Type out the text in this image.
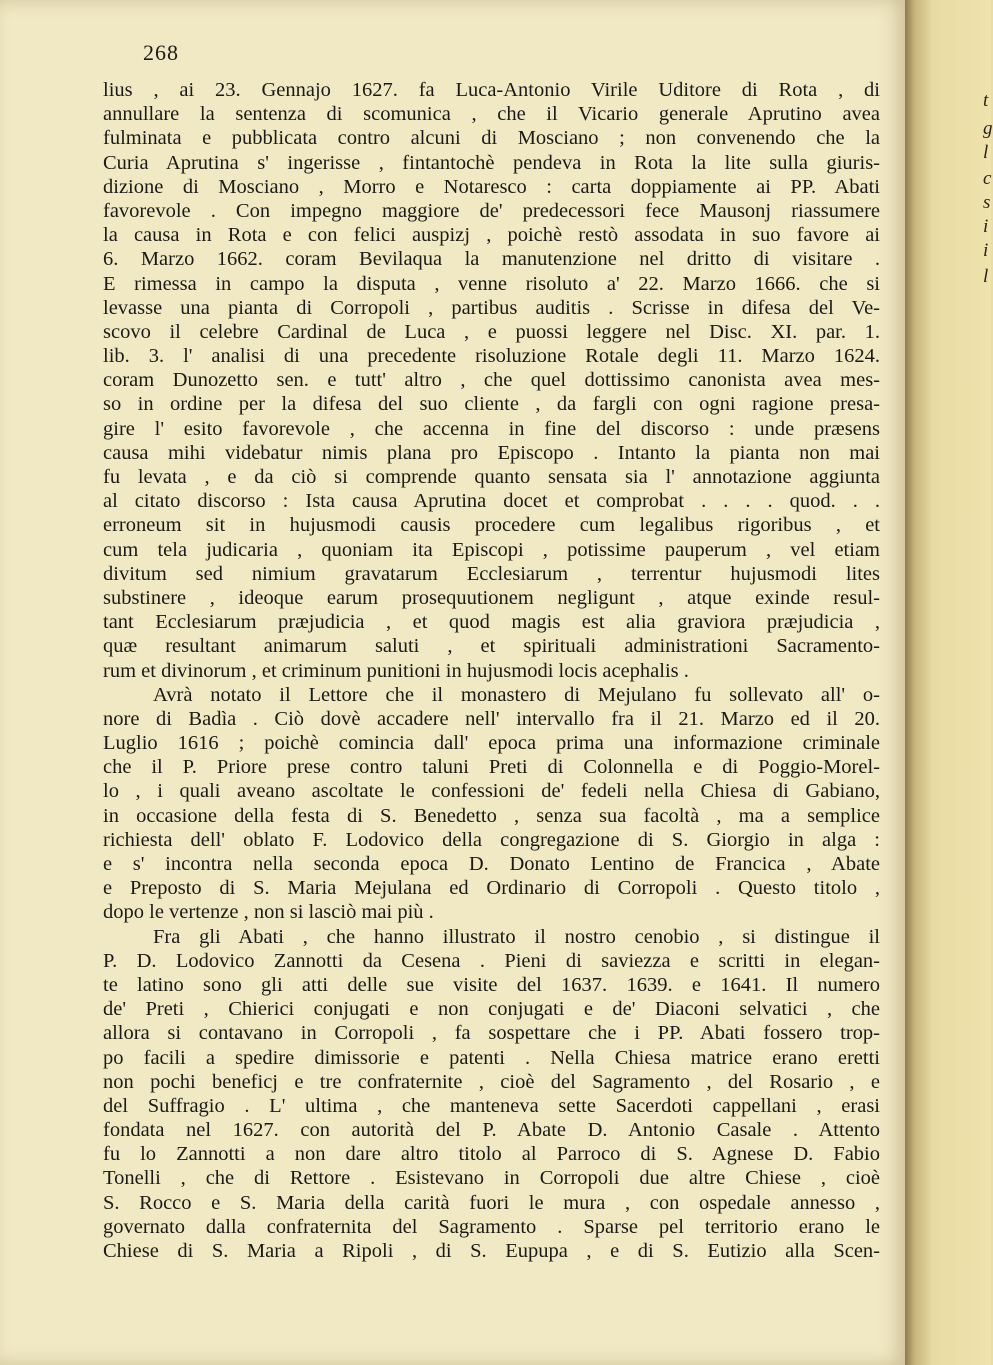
268
lius , ai 23. Gennajo 1627. fa Luca-Antonio Virile Uditore di Rota , di
annullare la sentenza di scomunica , che il Vicario generale Aprutino avea
fulminata e pubblicata contro alcuni di Mosciano ; non convenendo che la
Curia Aprutina s' ingerisse , fintantochè pendeva in Rota la lite sulla giuris-
dizione di Mosciano , Morro e Notaresco : carta doppiamente ai PP. Abati
favorevole . Con impegno maggiore de' predecessori fece Mausonj riassumere
la causa in Rota e con felici auspizj , poichè restò assodata in suo favore ai
6. Marzo 1662. coram Bevilaqua la manutenzione nel dritto di visitare .
E rimessa in campo la disputa , venne risoluto a' 22. Marzo 1666. che si
levasse una pianta di Corropoli , partibus auditis . Scrisse in difesa del Ve-
scovo il celebre Cardinal de Luca , e puossi leggere nel Disc. XI. par. 1.
lib. 3. l' analisi di una precedente risoluzione Rotale degli 11. Marzo 1624.
coram Dunozetto sen. e tutt' altro , che quel dottissimo canonista avea mes-
so in ordine per la difesa del suo cliente , da fargli con ogni ragione presa-
gire l' esito favorevole , che accenna in fine del discorso : unde præsens
causa mihi videbatur nimis plana pro Episcopo . Intanto la pianta non mai
fu levata , e da ciò si comprende quanto sensata sia l' annotazione aggiunta
al citato discorso : Ista causa Aprutina docet et comprobat . . . . quod. . .
erroneum sit in hujusmodi causis procedere cum legalibus rigoribus , et
cum tela judicaria , quoniam ita Episcopi , potissime pauperum , vel etiam
divitum sed nimium gravatarum Ecclesiarum , terrentur hujusmodi lites
substinere , ideoque earum prosequutionem negligunt , atque exinde resul-
tant Ecclesiarum præjudicia , et quod magis est alia graviora præjudicia ,
quæ resultant animarum saluti , et spirituali administrationi Sacramento-
rum et divinorum , et criminum punitioni in hujusmodi locis acephalis .
Avrà notato il Lettore che il monastero di Mejulano fu sollevato all' o-
nore di Badìa . Ciò dovè accadere nell' intervallo fra il 21. Marzo ed il 20.
Luglio 1616 ; poichè comincia dall' epoca prima una informazione criminale
che il P. Priore prese contro taluni Preti di Colonnella e di Poggio-Morel-
lo , i quali aveano ascoltate le confessioni de' fedeli nella Chiesa di Gabiano,
in occasione della festa di S. Benedetto , senza sua facoltà , ma a semplice
richiesta dell' oblato F. Lodovico della congregazione di S. Giorgio in alga :
e s' incontra nella seconda epoca D. Donato Lentino de Francica , Abate
e Preposto di S. Maria Mejulana ed Ordinario di Corropoli . Questo titolo ,
dopo le vertenze , non si lasciò mai più .
Fra gli Abati , che hanno illustrato il nostro cenobio , si distingue il
P. D. Lodovico Zannotti da Cesena . Pieni di saviezza e scritti in elegan-
te latino sono gli atti delle sue visite del 1637. 1639. e 1641. Il numero
de' Preti , Chierici conjugati e non conjugati e de' Diaconi selvatici , che
allora si contavano in Corropoli , fa sospettare che i PP. Abati fossero trop-
po facili a spedire dimissorie e patenti . Nella Chiesa matrice erano eretti
non pochi beneficj e tre confraternite , cioè del Sagramento , del Rosario , e
del Suffragio . L' ultima , che manteneva sette Sacerdoti cappellani , erasi
fondata nel 1627. con autorità del P. Abate D. Antonio Casale . Attento
fu lo Zannotti a non dare altro titolo al Parroco di S. Agnese D. Fabio
Tonelli , che di Rettore . Esistevano in Corropoli due altre Chiese , cioè
S. Rocco e S. Maria della carità fuori le mura , con ospedale annesso ,
governato dalla confraternita del Sagramento . Sparse pel territorio erano le
Chiese di S. Maria a Ripoli , di S. Eupupa , e di S. Eutizio alla Scen-
t
g
l
c
s
i
i
l
